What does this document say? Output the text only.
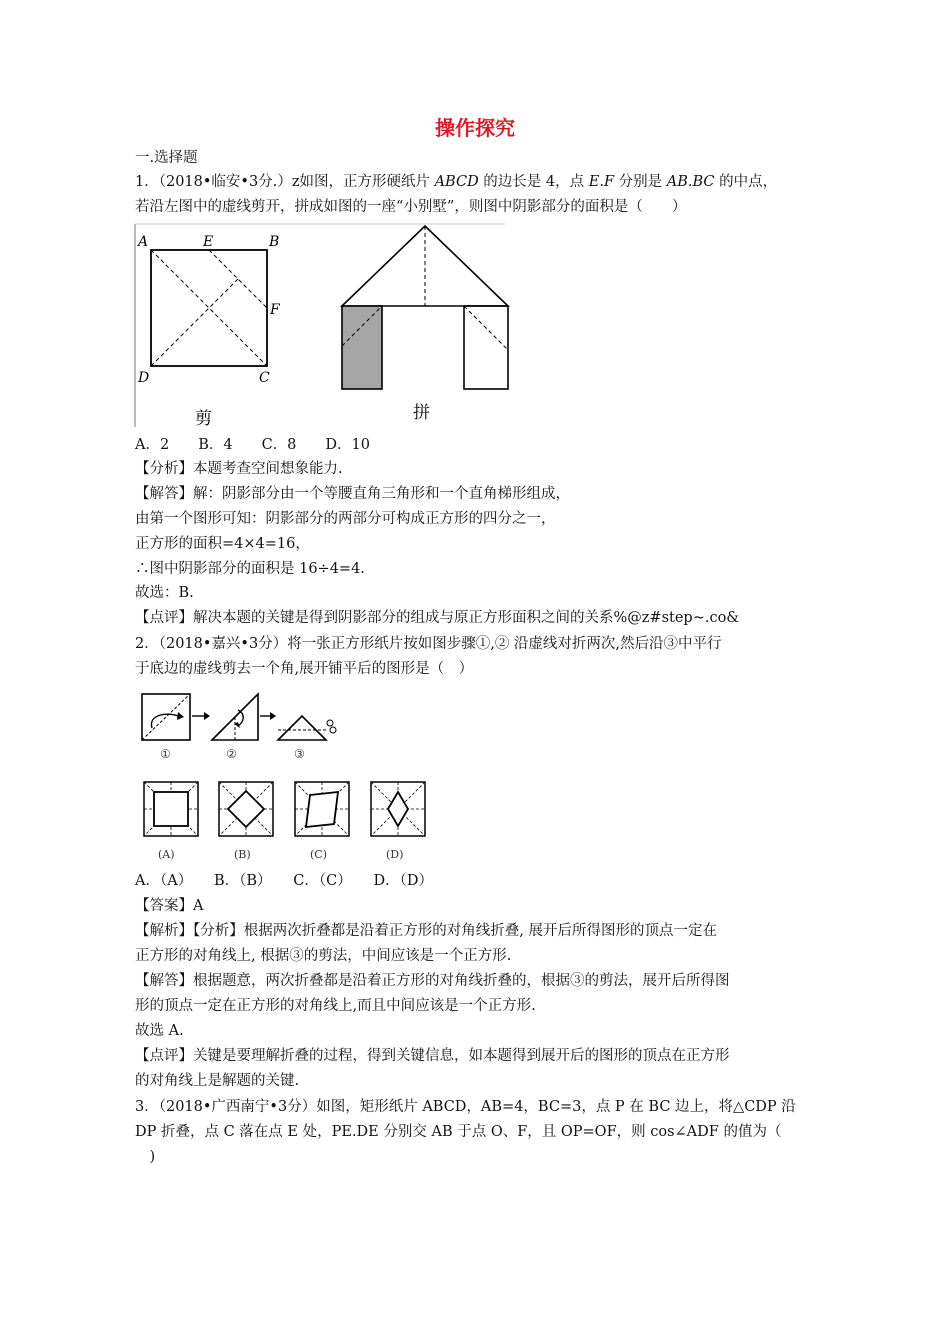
操作探究
一.选择题
1．（2018•临安•3分.）z如图，正方形硬纸片 ABCD 的边长是 4，点 E.F 分别是 AB.BC 的中点，
若沿左图中的虚线剪开，拼成如图的一座“小别墅”，则图中阴影部分的面积是（　　）
A	E	B
F
D	C
剪	拼
A．2　　B．4　　C．8　　D．10
【分析】本题考查空间想象能力.
【解答】解：阴影部分由一个等腰直角三角形和一个直角梯形组成，
由第一个图形可知：阴影部分的两部分可构成正方形的四分之一，
正方形的面积=4×4=16，
∴图中阴影部分的面积是 16÷4=4.
故选：B.
【点评】解决本题的关键是得到阴影部分的组成与原正方形面积之间的关系%@z#step~.co&
2．（2018•嘉兴•3分）将一张正方形纸片按如图步骤①,② 沿虚线对折两次,然后沿③中平行
于底边的虚线剪去一个角,展开铺平后的图形是（　）
①	②	③
(A)	(B)	(C)	(D)
A．（A）　　B．（B）　　C．（C）　　D．（D）
【答案】A
【解析】【分析】根据两次折叠都是沿着正方形的对角线折叠, 展开后所得图形的顶点一定在
正方形的对角线上, 根据③的剪法，中间应该是一个正方形.
【解答】根据题意，两次折叠都是沿着正方形的对角线折叠的，根据③的剪法，展开后所得图
形的顶点一定在正方形的对角线上,而且中间应该是一个正方形.
故选 A.
【点评】关键是要理解折叠的过程，得到关键信息，如本题得到展开后的图形的顶点在正方形
的对角线上是解题的关键.
3．（2018•广西南宁•3分）如图，矩形纸片 ABCD，AB=4，BC=3，点 P 在 BC 边上，将△CDP 沿
DP 折叠，点 C 落在点 E 处，PE.DE 分别交 AB 于点 O、F，且 OP=OF，则 cos∠ADF 的值为（
　)
